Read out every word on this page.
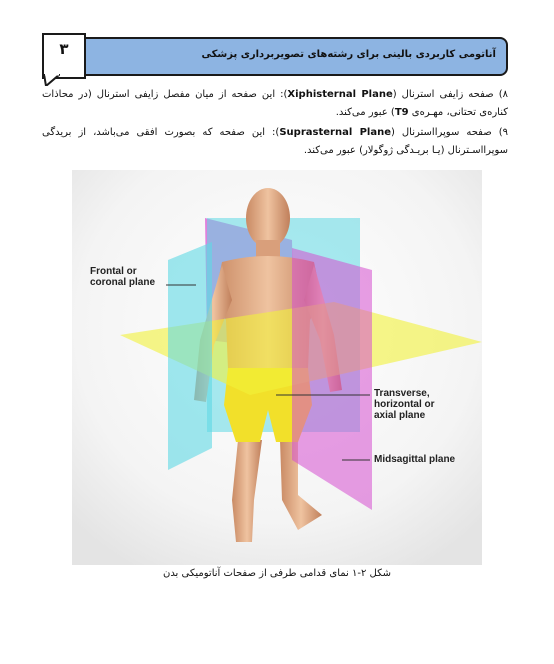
آناتومی کاربردی بالینی برای رشته‌های تصویربرداری پزشکی
۳
۸) صفحه زایفی استرنال (Xiphisternal Plane): این صفحه از میان مفصل زایفی استرنال (در محاذات کناره‌ی تحتانی، مهـره‌ی T9) عبور می‌کند.
۹) صفحه سوپرااسترنال (Suprasternal Plane): این صفحه که بصورت افقی می‌باشد، از بریدگی سوپرااسـترنال (یـا بریـدگی ژوگولار) عبور می‌کند.
Frontal or
coronal plane
Transverse,
horizontal or
axial plane
Midsagittal plane
شکل ۲-۱ نمای قدامی طرفی از صفحات آناتومیکی بدن
